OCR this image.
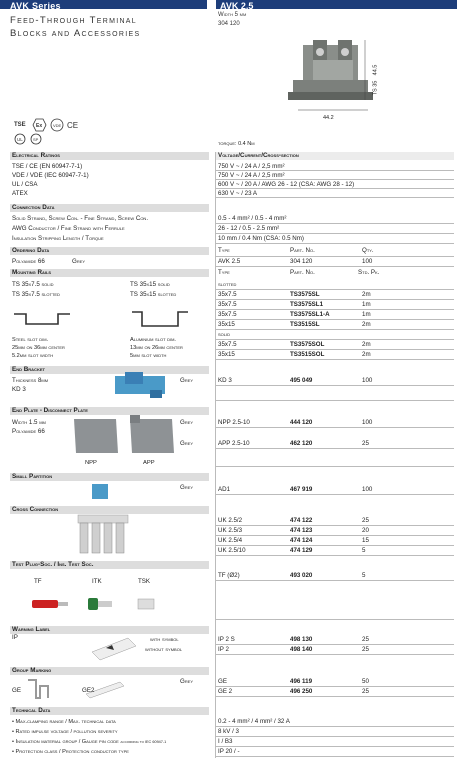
AVK Series	AVK 2.5
Feed-Through Terminal
Blocks and Accessories
Width 5 mm
304 120
TS 35
44.5
44.2
TSE Ex	VDE CE
UL	SP
torque: 0.4 Nm
Electrical Ratings	Voltage/Current/Cross-section
TSE / CE (EN 60947-7-1)	750 V ~ / 24 A / 2,5 mm²
VDE / VDE (IEC 60947-7-1)	750 V ~ / 24 A / 2,5 mm²
UL / CSA	600 V ~ / 20 A / AWG 26 - 12 (CSA: AWG 28 - 12)
ATEX	630 V ~ / 23 A
Connection Data
Solid Strand, Screw Con. - Fine Strand, Screw Con.	0.5 - 4 mm² / 0.5 - 4 mm²
AWG Conductor / Fine Strand with Ferrule	26 - 12 / 0.5 - 2.5 mm²
Insulation Stripping Length / Torque	10 mm / 0.4 Nm (CSA: 0.5 Nm)
Ordering Data	Type	Part. No.	Qty.
Polyamide 66	Grey	AVK 2.5	304 120	100
Mounting Rails	Type	Part. No.	Std. Pk.
TS 35x7.5 solid	TS 35x15 solid
TS 35x7.5 slotted	TS 35x15 slotted
Steel slot dim.
25mm on 36mm center
5.2mm slot width
Aluminium slot dim.
13mm on 26mm center
5mm slot width
slotted
35x7.5	TS3575SL	2m
35x7.5	TS3575SL1	1m
35x7.5	TS3575SL1-A	1m
35x15	TS3515SL	2m
solid
35x7.5	TS3575SOL	2m
35x15	TS3515SOL	2m
End Bracket
Thickness 8mm
KD 3
Grey	KD 3	495 049	100
End Plate - Disconnect Plate
Width 1.5 mm
Polyamide 66
NPP	APP
Grey	NPP 2.5-10	444 120	100
Grey	APP 2.5-10	462 120	25
Small Partition
Grey	AD1	467 919	100
Cross Connection
UK 2.5/2	474 122	25
UK 2.5/3	474 123	20
UK 2.5/4	474 124	15
UK 2.5/10	474 129	5
Test Plug-Soc. / Ins. Test Soc.
TF	ITK	TSK
TF (Ø2)	493 020	5
Warning Label
IP	with symbol
without symbol
IP 2 S	498 130	25
IP 2	498 140	25
Group Marking
GE	GE2
Grey	GE	496 119	50
GE 2	496 250	25
Technical Data
• Max.clamping range / Max. technical data	0.2 - 4 mm² / 4 mm² / 32 A
• Rated impulse voltage / pollution severity	8 kV / 3
• Insulation material group / Gauge pin code according to IEC 60947-1	I / B3
• Protection class / Protection conductor type	IP 20 / -
